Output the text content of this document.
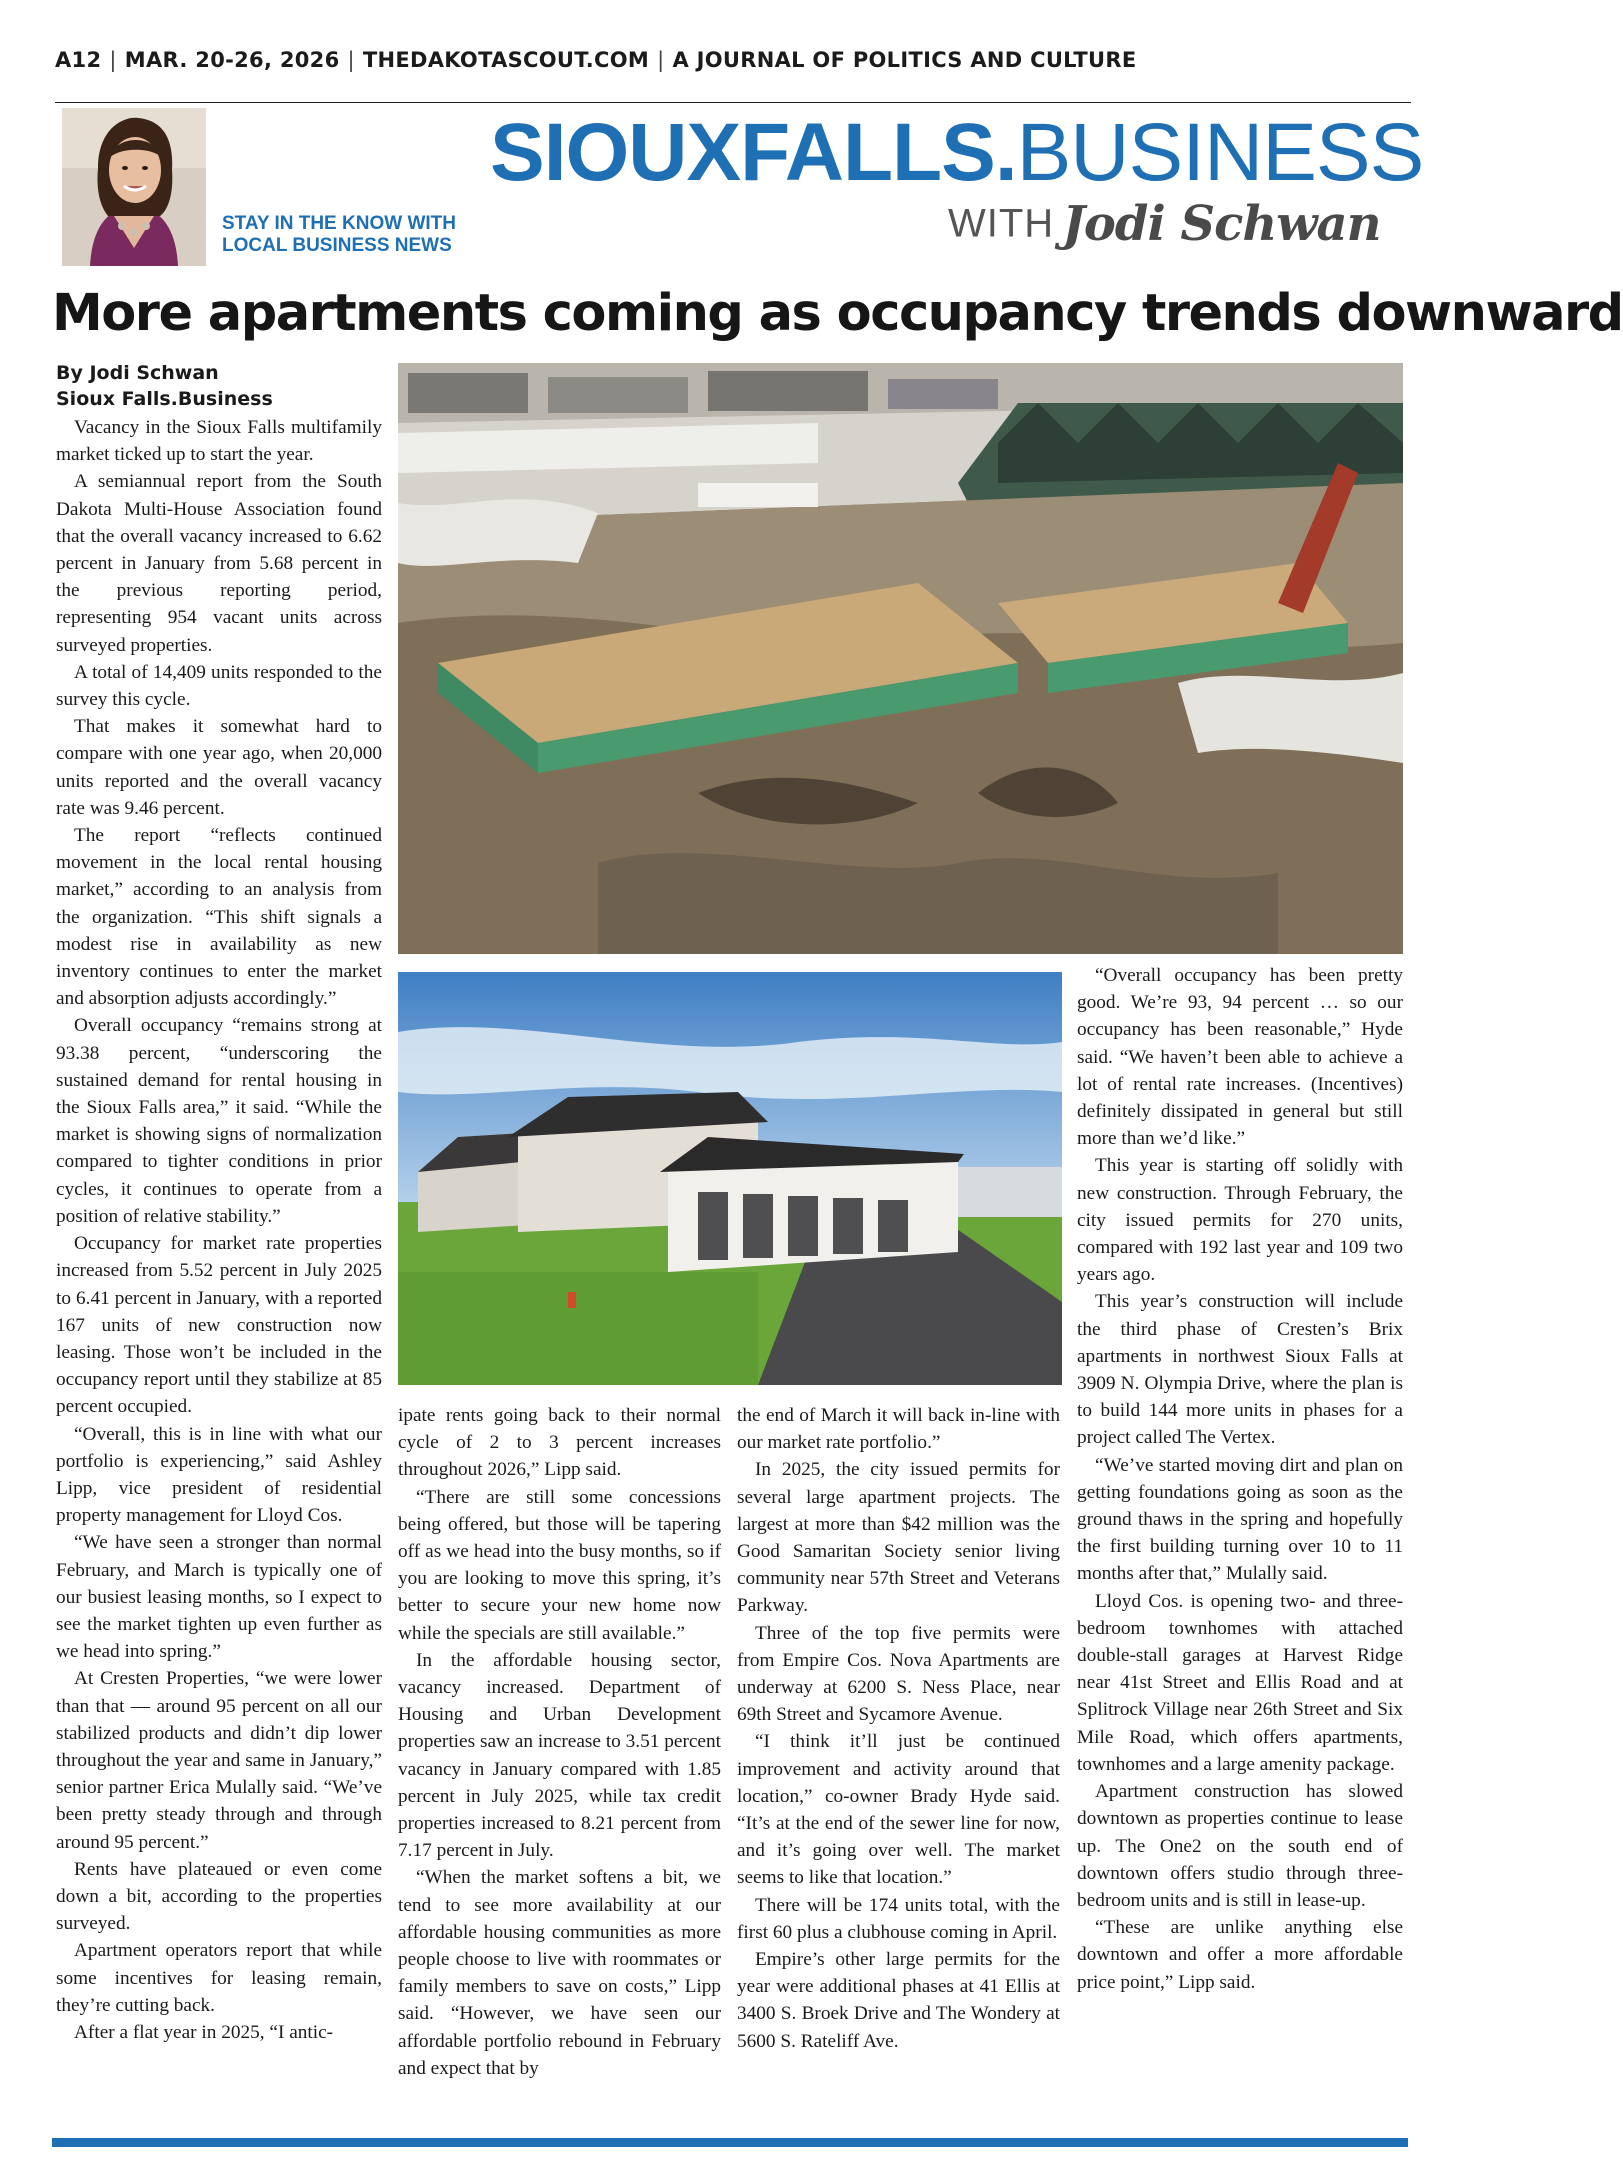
A12 | MAR. 20-26, 2026 | THEDAKOTASCOUT.COM | A JOURNAL OF POLITICS AND CULTURE
STAY IN THE KNOW WITH
LOCAL BUSINESS NEWS
SIOUXFALLS.BUSINESS
WITH Jodi Schwan
More apartments coming as occupancy trends downward
By Jodi Schwan
Sioux Falls.Business

Vacancy in the Sioux Falls multifamily market ticked up to start the year.

A semiannual report from the South Dakota Multi-House Association found that the overall vacancy increased to 6.62 percent in January from 5.68 percent in the previous reporting period, representing 954 vacant units across surveyed properties.

A total of 14,409 units responded to the survey this cycle.

That makes it somewhat hard to compare with one year ago, when 20,000 units reported and the overall vacancy rate was 9.46 percent.

The report “reflects continued movement in the local rental housing market,” according to an analysis from the organization. “This shift signals a modest rise in availability as new inventory continues to enter the market and absorption adjusts accordingly.”

Overall occupancy “remains strong at 93.38 percent, “underscoring the sustained demand for rental housing in the Sioux Falls area,” it said. “While the market is showing signs of normalization compared to tighter conditions in prior cycles, it continues to operate from a position of relative stability.”

Occupancy for market rate properties increased from 5.52 percent in July 2025 to 6.41 percent in January, with a reported 167 units of new construction now leasing. Those won’t be included in the occupancy report until they stabilize at 85 percent occupied.

“Overall, this is in line with what our portfolio is experiencing,” said Ashley Lipp, vice president of residential property management for Lloyd Cos.

“We have seen a stronger than normal February, and March is typically one of our busiest leasing months, so I expect to see the market tighten up even further as we head into spring.”

At Cresten Properties, “we were lower than that — around 95 percent on all our stabilized products and didn’t dip lower throughout the year and same in January,” senior partner Erica Mulally said. “We’ve been pretty steady through and through around 95 percent.”

Rents have plateaued or even come down a bit, according to the properties surveyed.

Apartment operators report that while some incentives for leasing remain, they’re cutting back.

After a flat year in 2025, “I antic-

ipate rents going back to their normal cycle of 2 to 3 percent increases throughout 2026,” Lipp said.

“There are still some concessions being offered, but those will be tapering off as we head into the busy months, so if you are looking to move this spring, it’s better to secure your new home now while the specials are still available.”

In the affordable housing sector, vacancy increased. Department of Housing and Urban Development properties saw an increase to 3.51 percent vacancy in January compared with 1.85 percent in July 2025, while tax credit properties increased to 8.21 percent from 7.17 percent in July.

“When the market softens a bit, we tend to see more availability at our affordable housing communities as more people choose to live with roommates or family members to save on costs,” Lipp said. “However, we have seen our affordable portfolio rebound in February and expect that by

the end of March it will back in-line with our market rate portfolio.”

In 2025, the city issued permits for several large apartment projects. The largest at more than $42 million was the Good Samaritan Society senior living community near 57th Street and Veterans Parkway.

Three of the top five permits were from Empire Cos. Nova Apartments are underway at 6200 S. Ness Place, near 69th Street and Sycamore Avenue.

“I think it’ll just be continued improvement and activity around that location,” co-owner Brady Hyde said. “It’s at the end of the sewer line for now, and it’s going over well. The market seems to like that location.”

There will be 174 units total, with the first 60 plus a clubhouse coming in April.

Empire’s other large permits for the year were additional phases at 41 Ellis at 3400 S. Broek Drive and The Wondery at 5600 S. Rateliff Ave.

“Overall occupancy has been pretty good. We’re 93, 94 percent … so our occupancy has been reasonable,” Hyde said. “We haven’t been able to achieve a lot of rental rate increases. (Incentives) definitely dissipated in general but still more than we’d like.”

This year is starting off solidly with new construction. Through February, the city issued permits for 270 units, compared with 192 last year and 109 two years ago.

This year’s construction will include the third phase of Cresten’s Brix apartments in northwest Sioux Falls at 3909 N. Olympia Drive, where the plan is to build 144 more units in phases for a project called The Vertex.

“We’ve started moving dirt and plan on getting foundations going as soon as the ground thaws in the spring and hopefully the first building turning over 10 to 11 months after that,” Mulally said.

Lloyd Cos. is opening two- and three-bedroom townhomes with attached double-stall garages at Harvest Ridge near 41st Street and Ellis Road and at Splitrock Village near 26th Street and Six Mile Road, which offers apartments, townhomes and a large amenity package.

Apartment construction has slowed downtown as properties continue to lease up. The One2 on the south end of downtown offers studio through three-bedroom units and is still in lease-up.

“These are unlike anything else downtown and offer a more affordable price point,” Lipp said.
